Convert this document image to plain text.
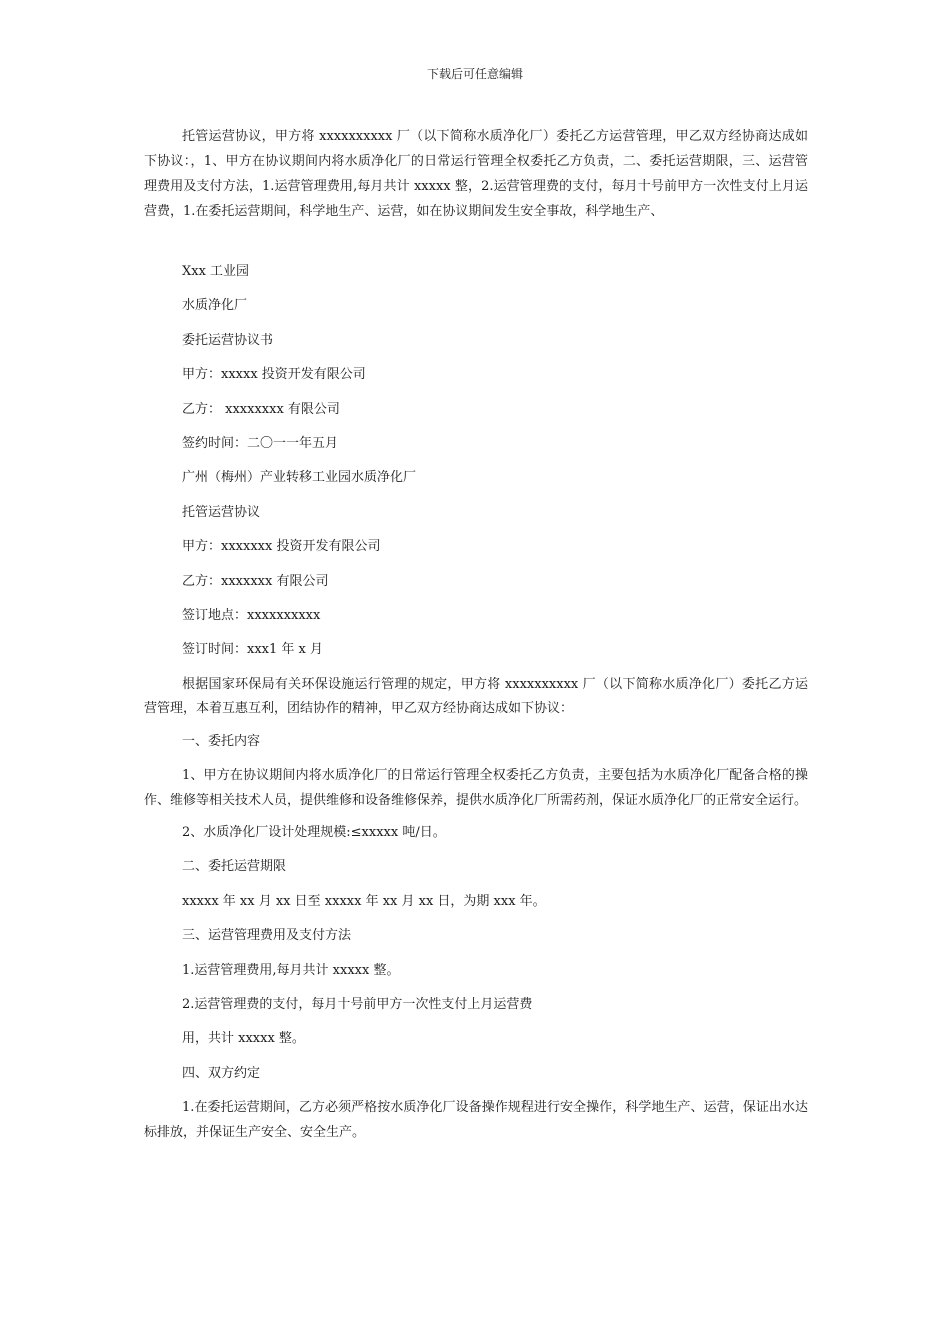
下载后可任意编辑

托管运营协议，甲方将 xxxxxxxxxx 厂（以下简称水质净化厂）委托乙方运营管理，甲乙双方经协商达成如下协议：，1、甲方在协议期间内将水质净化厂的日常运行管理全权委托乙方负责，二、委托运营期限，三、运营管理费用及支付方法，1.运营管理费用,每月共计 xxxxx 整，2.运营管理费的支付，每月十号前甲方一次性支付上月运营费，1.在委托运营期间，科学地生产、运营，如在协议期间发生安全事故，科学地生产、

Xxx 工业园
水质净化厂
委托运营协议书
甲方：xxxxx 投资开发有限公司
乙方： xxxxxxxx 有限公司
签约时间：二〇一一年五月
广州（梅州）产业转移工业园水质净化厂
托管运营协议
甲方：xxxxxxx 投资开发有限公司
乙方：xxxxxxx 有限公司
签订地点：xxxxxxxxxx
签订时间：xxx1 年 x 月

根据国家环保局有关环保设施运行管理的规定，甲方将 xxxxxxxxxx 厂（以下简称水质净化厂）委托乙方运营管理，本着互惠互利，团结协作的精神，甲乙双方经协商达成如下协议：

一、委托内容

1、甲方在协议期间内将水质净化厂的日常运行管理全权委托乙方负责，主要包括为水质净化厂配备合格的操作、维修等相关技术人员，提供维修和设备维修保养，提供水质净化厂所需药剂，保证水质净化厂的正常安全运行。

2、水质净化厂设计处理规模:≤xxxxx 吨/日。
二、委托运营期限
xxxxx 年 xx 月 xx 日至 xxxxx 年 xx 月 xx 日，为期 xxx 年。
三、运营管理费用及支付方法
1.运营管理费用,每月共计 xxxxx 整。
2.运营管理费的支付，每月十号前甲方一次性支付上月运营费
用，共计 xxxxx 整。
四、双方约定

1.在委托运营期间，乙方必须严格按水质净化厂设备操作规程进行安全操作，科学地生产、运营，保证出水达标排放，并保证生产安全、安全生产。
